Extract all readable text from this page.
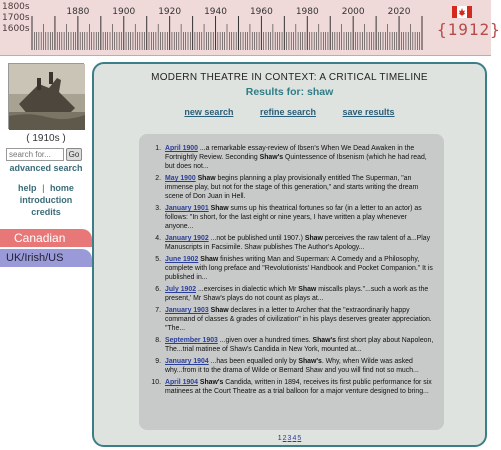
1800s
1700s
1600s
1880	1900	1920	1940	1960	1980	2000	2020
{1912}
( 1910s )
search for...
Go
advanced search
help | home
introduction
credits
Canadian
UK/Irish/US
MODERN THEATRE IN CONTEXT: A CRITICAL TIMELINE
Results for: shaw
new search	refine search	save results
1. April 1900 ...a remarkable essay-review of Ibsen's When We Dead Awaken in the Fortnightly Review. Seconding Shaw's Quintessence of Ibsenism (which he had read, but does not...
2. May 1900 Shaw begins planning a play provisionally entitled The Superman, "an immense play, but not for the stage of this generation," and starts writing the dream scene of Don Juan in Hell.
3. January 1901 Shaw sums up his theatrical fortunes so far (in a letter to an actor) as follows: "In short, for the last eight or nine years, I have written a play whenever anyone...
4. January 1902 ...not be published until 1907.) Shaw perceives the raw talent of a...Play Manuscripts in Facsimile. Shaw publishes The Author's Apology...
5. June 1902 Shaw finishes writing Man and Superman: A Comedy and a Philosophy, complete with long preface and "Revolutionists' Handbook and Pocket Companion." It is published in...
6. July 1902 ...exercises in dialectic which Mr Shaw miscalls plays."...such a work as the present,' Mr Shaw's plays do not count as plays at...
7. January 1903 Shaw declares in a letter to Archer that the "extraordinarily happy command of classes & grades of civilization" in his plays deserves greater appreciation. "The...
8. September 1903 ...given over a hundred times. Shaw's first short play about Napoleon, The...trial matinee of Shaw's Candida in New York, mounted at...
9. January 1904 ...has been equalled only by Shaw's. Why, when Wilde was asked why...from it to the drama of Wilde or Bernard Shaw and you will find not so much...
10. April 1904 Shaw's Candida, written in 1894, receives its first public performance for six matinees at the Court Theatre as a trial balloon for a major venture designed to bring...
12345
